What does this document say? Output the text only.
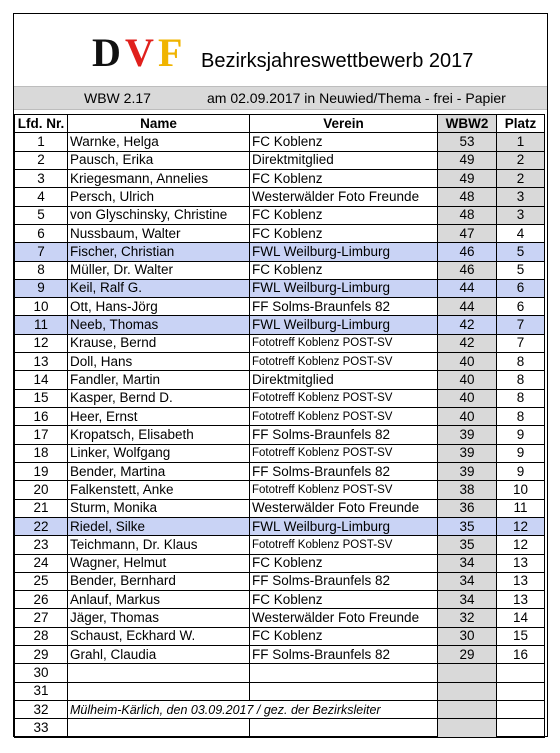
D V F Bezirksjahreswettbewerb 2017
WBW 2.17	am 02.09.2017 in Neuwied/Thema - frei - Papier
Lfd. Nr.	Name	Verein	WBW2	Platz
1	Warnke, Helga	FC Koblenz	53	1
2	Pausch, Erika	Direktmitglied	49	2
3	Kriegesmann, Annelies	FC Koblenz	49	2
4	Persch, Ulrich	Westerwälder Foto Freunde	48	3
5	von Glyschinsky, Christine	FC Koblenz	48	3
6	Nussbaum, Walter	FC Koblenz	47	4
7	Fischer, Christian	FWL Weilburg-Limburg	46	5
8	Müller, Dr. Walter	FC Koblenz	46	5
9	Keil, Ralf G.	FWL Weilburg-Limburg	44	6
10	Ott, Hans-Jörg	FF Solms-Braunfels 82	44	6
11	Neeb, Thomas	FWL Weilburg-Limburg	42	7
12	Krause, Bernd	Fototreff Koblenz POST-SV	42	7
13	Doll, Hans	Fototreff Koblenz POST-SV	40	8
14	Fandler, Martin	Direktmitglied	40	8
15	Kasper, Bernd D.	Fototreff Koblenz POST-SV	40	8
16	Heer, Ernst	Fototreff Koblenz POST-SV	40	8
17	Kropatsch, Elisabeth	FF Solms-Braunfels 82	39	9
18	Linker, Wolfgang	Fototreff Koblenz POST-SV	39	9
19	Bender, Martina	FF Solms-Braunfels 82	39	9
20	Falkenstett, Anke	Fototreff Koblenz POST-SV	38	10
21	Sturm, Monika	Westerwälder Foto Freunde	36	11
22	Riedel, Silke	FWL Weilburg-Limburg	35	12
23	Teichmann, Dr. Klaus	Fototreff Koblenz POST-SV	35	12
24	Wagner, Helmut	FC Koblenz	34	13
25	Bender, Bernhard	FF Solms-Braunfels 82	34	13
26	Anlauf, Markus	FC Koblenz	34	13
27	Jäger, Thomas	Westerwälder Foto Freunde	32	14
28	Schaust, Eckhard W.	FC Koblenz	30	15
29	Grahl, Claudia	FF Solms-Braunfels 82	29	16
30				
31				
32	Mülheim-Kärlich, den 03.09.2017 / gez. der Bezirksleiter			
33				
